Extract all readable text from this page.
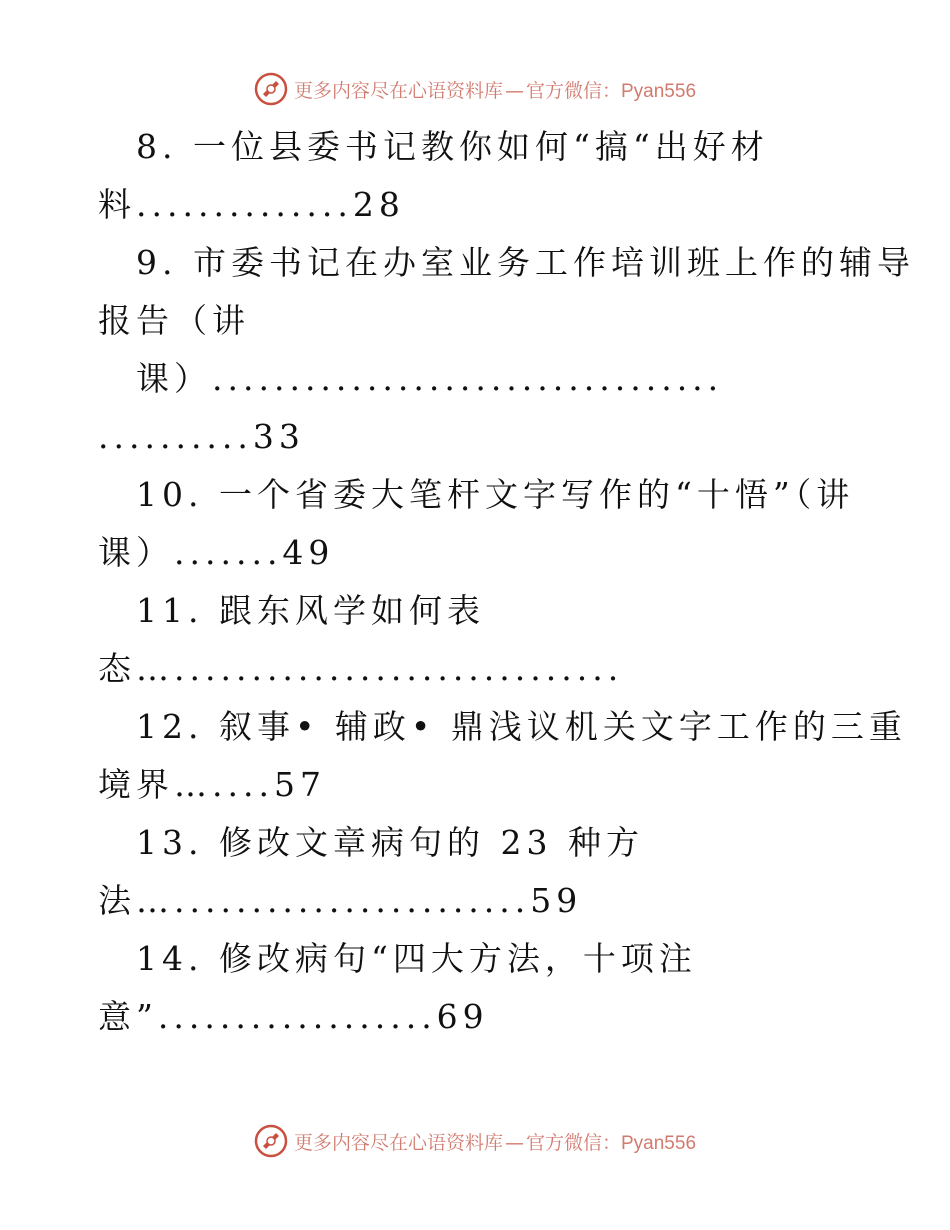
更多内容尽在心语资料库 — 官方微信：Pyan556
8. 一位县委书记教你如何“搞“出好材
料..............28
9. 市委书记在办室业务工作培训班上作的辅导
报告（讲
课）.................................
..........33
10. 一个省委大笔杆文字写作的“十悟”（讲
课）.......49
11. 跟东风学如何表
态….............................
12. 叙事• 辅政• 鼎浅议机关文字工作的三重
境界…....57
13. 修改文章病句的 23 种方
法….......................59
14. 修改病句“四大方法，十项注
意”..................69
更多内容尽在心语资料库 — 官方微信：Pyan556
